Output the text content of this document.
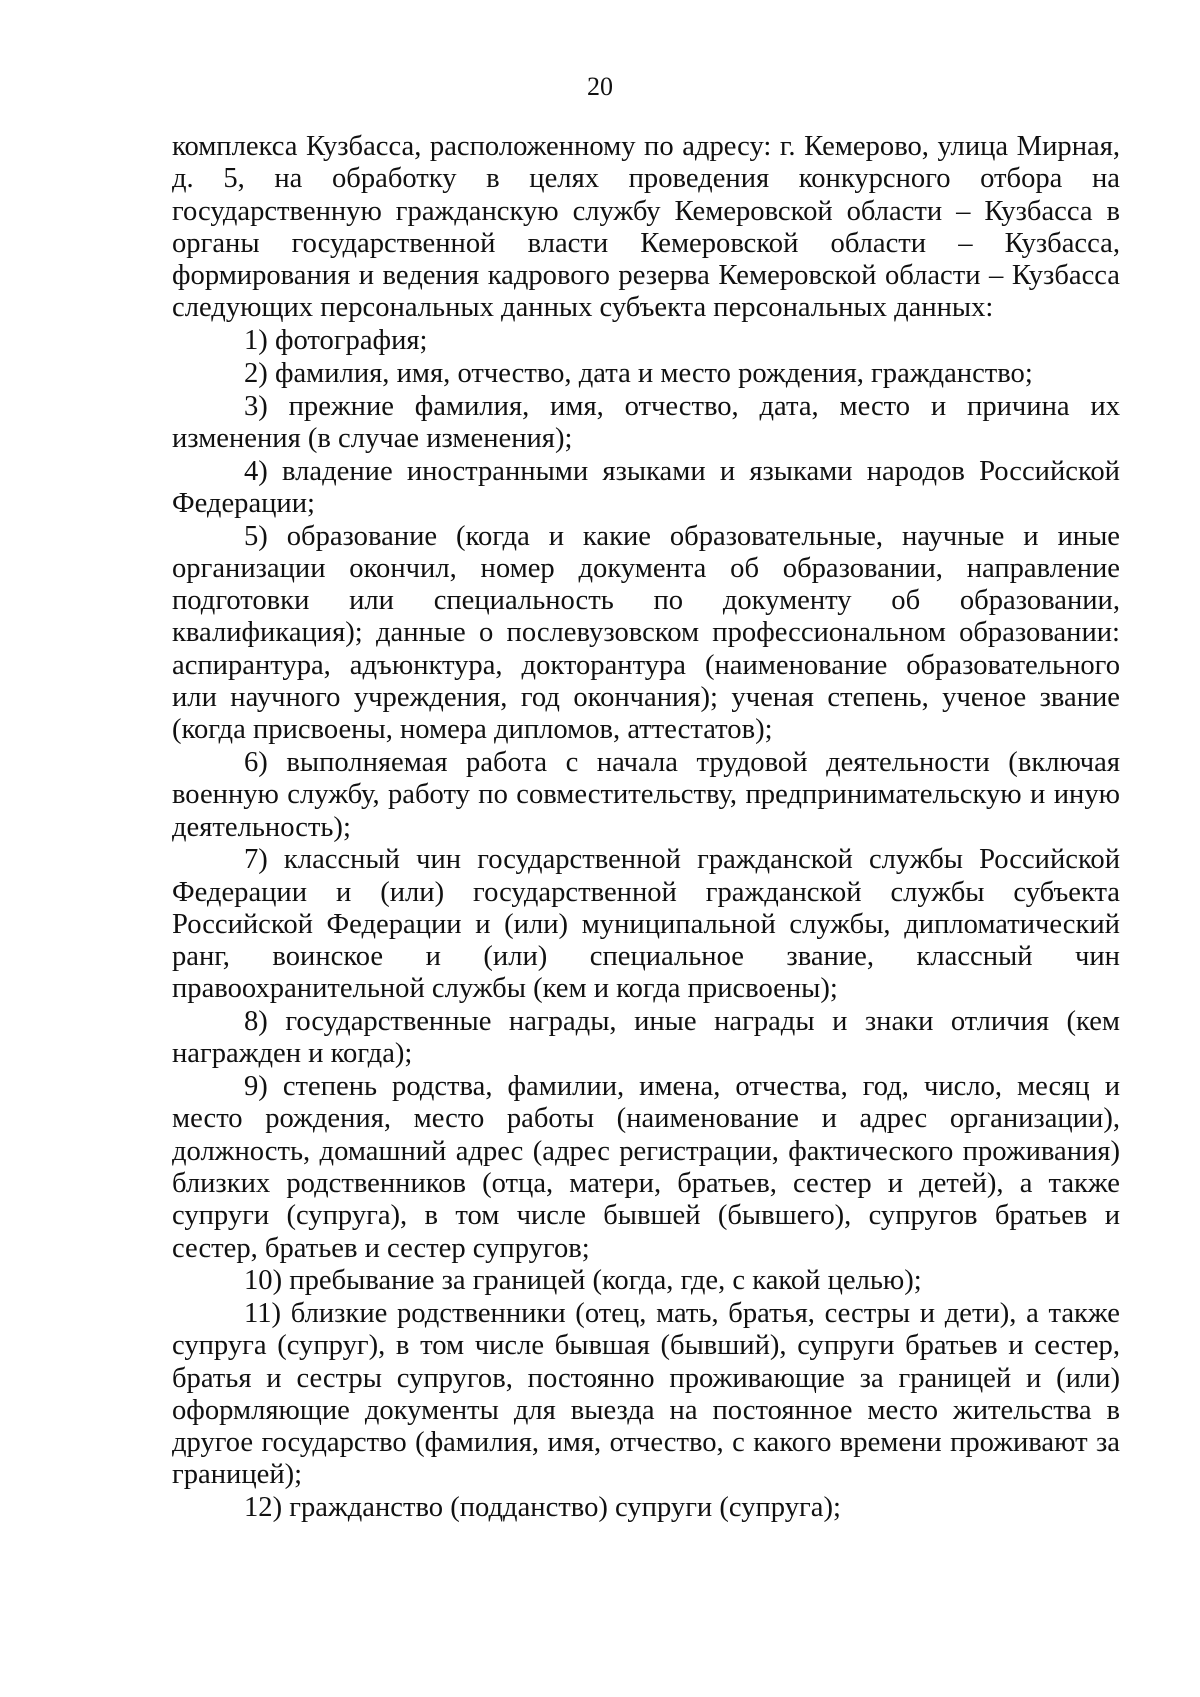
20

комплекса Кузбасса, расположенному по адресу: г. Кемерово, улица Мирная, д. 5, на обработку в целях проведения конкурсного отбора на государственную гражданскую службу Кемеровской области – Кузбасса в органы государственной власти Кемеровской области – Кузбасса, формирования и ведения кадрового резерва Кемеровской области – Кузбасса следующих персональных данных субъекта персональных данных:

1) фотография;

2) фамилия, имя, отчество, дата и место рождения, гражданство;

3) прежние фамилия, имя, отчество, дата, место и причина их изменения (в случае изменения);

4) владение иностранными языками и языками народов Российской Федерации;

5) образование (когда и какие образовательные, научные и иные организации окончил, номер документа об образовании, направление подготовки или специальность по документу об образовании, квалификация); данные о послевузовском профессиональном образовании: аспирантура, адъюнктура, докторантура (наименование образовательного или научного учреждения, год окончания); ученая степень, ученое звание (когда присвоены, номера дипломов, аттестатов);

6) выполняемая работа с начала трудовой деятельности (включая военную службу, работу по совместительству, предпринимательскую и иную деятельность);

7) классный чин государственной гражданской службы Российской Федерации и (или) государственной гражданской службы субъекта Российской Федерации и (или) муниципальной службы, дипломатический ранг, воинское и (или) специальное звание, классный чин правоохранительной службы (кем и когда присвоены);

8) государственные награды, иные награды и знаки отличия (кем награжден и когда);

9) степень родства, фамилии, имена, отчества, год, число, месяц и место рождения, место работы (наименование и адрес организации), должность, домашний адрес (адрес регистрации, фактического проживания) близких родственников (отца, матери, братьев, сестер и детей), а также супруги (супруга), в том числе бывшей (бывшего), супругов братьев и сестер, братьев и сестер супругов;

10) пребывание за границей (когда, где, с какой целью);

11) близкие родственники (отец, мать, братья, сестры и дети), а также супруга (супруг), в том числе бывшая (бывший), супруги братьев и сестер, братья и сестры супругов, постоянно проживающие за границей и (или) оформляющие документы для выезда на постоянное место жительства в другое государство (фамилия, имя, отчество, с какого времени проживают за границей);

12) гражданство (подданство) супруги (супруга);
